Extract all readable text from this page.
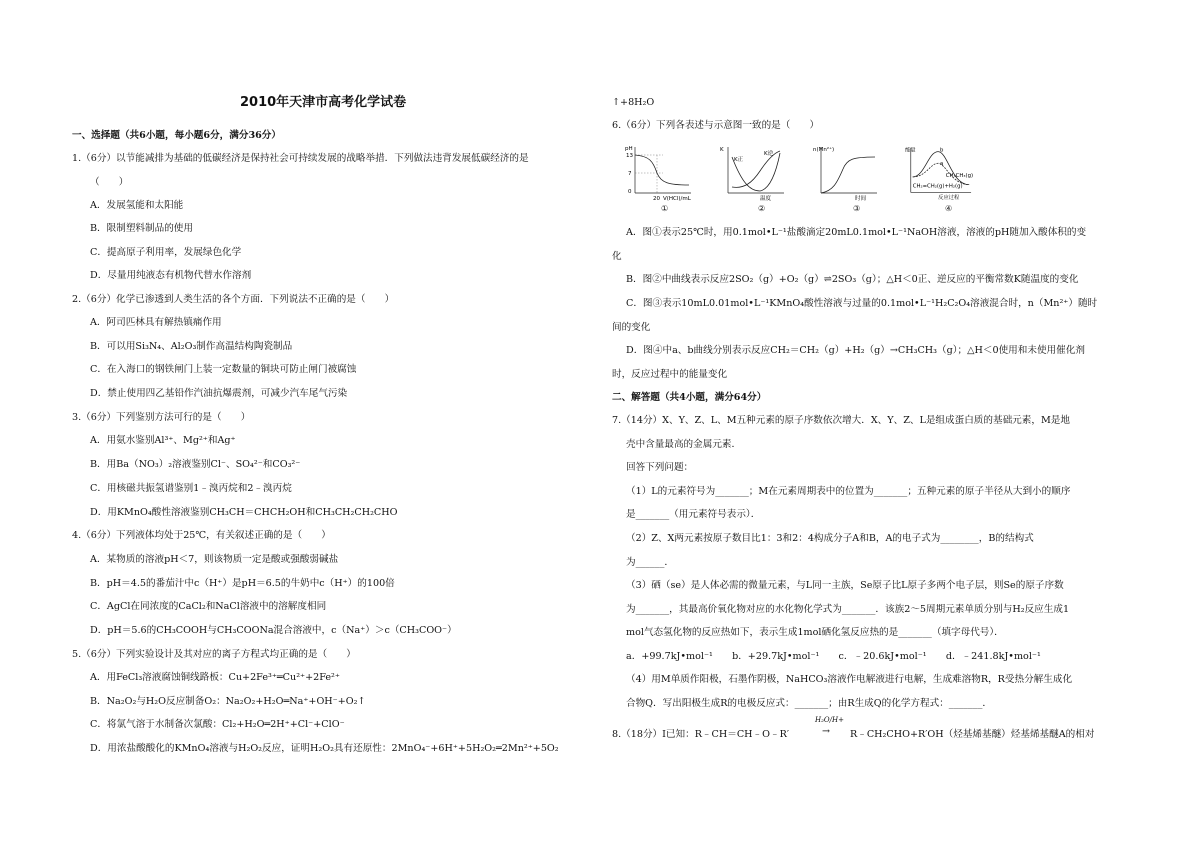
2010年天津市高考化学试卷
一、选择题（共6小题，每小题6分，满分36分）
1.（6分）以节能减排为基础的低碳经济是保持社会可持续发展的战略举措．下列做法违背发展低碳经济的是
（　　）
A．发展氢能和太阳能
B．限制塑料制品的使用
C．提高原子利用率，发展绿色化学
D．尽量用纯液态有机物代替水作溶剂
2.（6分）化学已渗透到人类生活的各个方面．下列说法不正确的是（　　）
A．阿司匹林具有解热镇痛作用
B．可以用Si₃N₄、Al₂O₃制作高温结构陶瓷制品
C．在入海口的钢铁闸门上装一定数量的铜块可防止闸门被腐蚀
D．禁止使用四乙基铅作汽油抗爆震剂，可减少汽车尾气污染
3.（6分）下列鉴别方法可行的是（　　）
A．用氨水鉴别Al³⁺、Mg²⁺和Ag⁺
B．用Ba（NO₃）₂溶液鉴别Cl⁻、SO₄²⁻和CO₃²⁻
C．用核磁共振氢谱鉴别1﹣溴丙烷和2﹣溴丙烷
D．用KMnO₄酸性溶液鉴别CH₃CH＝CHCH₂OH和CH₃CH₂CH₂CHO
4.（6分）下列液体均处于25℃，有关叙述正确的是（　　）
A．某物质的溶液pH＜7，则该物质一定是酸或强酸弱碱盐
B．pH＝4.5的番茄汁中c（H⁺）是pH＝6.5的牛奶中c（H⁺）的100倍
C．AgCl在同浓度的CaCl₂和NaCl溶液中的溶解度相同
D．pH＝5.6的CH₃COOH与CH₃COONa混合溶液中，c（Na⁺）＞c（CH₃COO⁻）
5.（6分）下列实验设计及其对应的离子方程式均正确的是（　　）
A．用FeCl₃溶液腐蚀铜线路板：Cu+2Fe³⁺═Cu²⁺+2Fe²⁺
B．Na₂O₂与H₂O反应制备O₂：Na₂O₂+H₂O═Na⁺+OH⁻+O₂↑
C．将氯气溶于水制备次氯酸：Cl₂+H₂O═2H⁺+Cl⁻+ClO⁻
D．用浓盐酸酸化的KMnO₄溶液与H₂O₂反应，证明H₂O₂具有还原性：2MnO₄⁻+6H⁺+5H₂O₂═2Mn²⁺+5O₂
↑+8H₂O
6.（6分）下列各表述与示意图一致的是（　　）
pH
13
7
0
20 V(HCl)/mL
K
K正
K逆
温度
n(Mn²⁺)
时间
能量	b
a
CH₂=CH₂(g)+H₂(g)
CH₃CH₃(g)
反应过程
①	②	③	④
A．图①表示25℃时，用0.1mol•L⁻¹盐酸滴定20mL0.1mol•L⁻¹NaOH溶液，溶液的pH随加入酸体积的变
化
B．图②中曲线表示反应2SO₂（g）+O₂（g）⇌2SO₃（g）；△H＜0正、逆反应的平衡常数K随温度的变化
C．图③表示10mL0.01mol•L⁻¹KMnO₄酸性溶液与过量的0.1mol•L⁻¹H₂C₂O₄溶液混合时，n（Mn²⁺）随时
间的变化
D．图④中a、b曲线分别表示反应CH₂＝CH₂（g）+H₂（g）→CH₃CH₃（g）；△H＜0使用和未使用催化剂
时，反应过程中的能量变化
二、解答题（共4小题，满分64分）
7.（14分）X、Y、Z、L、M五种元素的原子序数依次增大．X、Y、Z、L是组成蛋白质的基础元素，M是地
壳中含量最高的金属元素．
回答下列问题：
（1）L的元素符号为_______；M在元素周期表中的位置为_______；五种元素的原子半径从大到小的顺序
是_______（用元素符号表示）．
（2）Z、X两元素按原子数目比1：3和2：4构成分子A和B，A的电子式为________，B的结构式
为______．
（3）硒（se）是人体必需的微量元素，与L同一主族，Se原子比L原子多两个电子层，则Se的原子序数
为_______，其最高价氧化物对应的水化物化学式为_______．该族2～5周期元素单质分别与H₂反应生成1
mol气态氢化物的反应热如下，表示生成1mol硒化氢反应热的是_______（填字母代号）．
a．+99.7kJ•mol⁻¹　　b．+29.7kJ•mol⁻¹　　c．﹣20.6kJ•mol⁻¹　　d．﹣241.8kJ•mol⁻¹
（4）用M单质作阳极，石墨作阴极，NaHCO₃溶液作电解液进行电解，生成难溶物R，R受热分解生成化
合物Q．写出阳极生成R的电极反应式：_______；由R生成Q的化学方程式：_______．
8.（18分）Ⅰ已知：R﹣CH＝CH﹣O﹣R′
H₂O/H+
→ R﹣CH₂CHO+R′OH（烃基烯基醚）烃基烯基醚A的相对
